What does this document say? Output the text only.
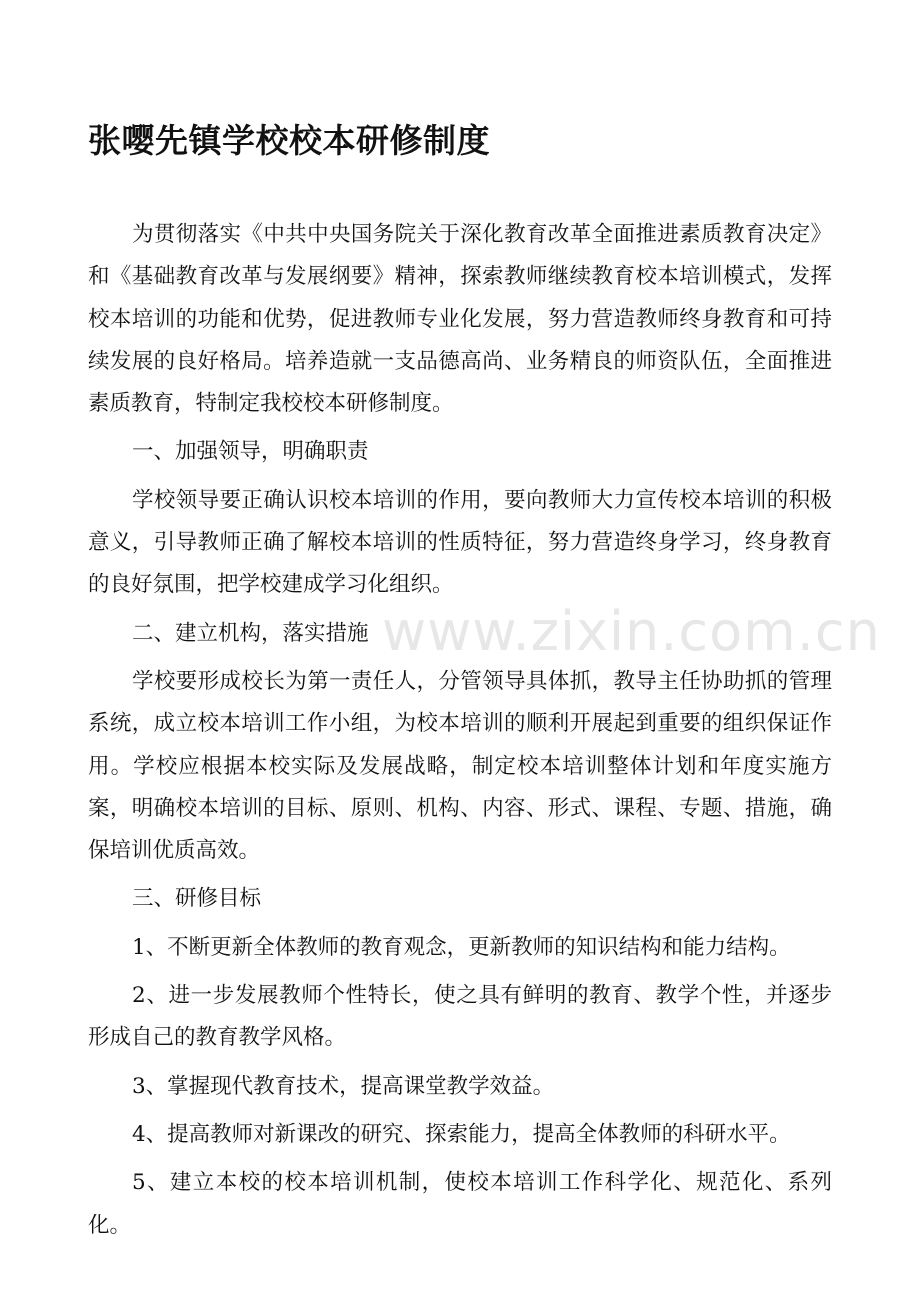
张嘤先镇学校校本研修制度

为贯彻落实《中共中央国务院关于深化教育改革全面推进素质教育决定》和《基础教育改革与发展纲要》精神，探索教师继续教育校本培训模式，发挥校本培训的功能和优势，促进教师专业化发展，努力营造教师终身教育和可持续发展的良好格局。培养造就一支品德高尚、业务精良的师资队伍，全面推进素质教育，特制定我校校本研修制度。

一、加强领导，明确职责

学校领导要正确认识校本培训的作用，要向教师大力宣传校本培训的积极意义，引导教师正确了解校本培训的性质特征，努力营造终身学习，终身教育的良好氛围，把学校建成学习化组织。

二、建立机构，落实措施

学校要形成校长为第一责任人，分管领导具体抓，教导主任协助抓的管理系统，成立校本培训工作小组，为校本培训的顺利开展起到重要的组织保证作用。学校应根据本校实际及发展战略，制定校本培训整体计划和年度实施方案，明确校本培训的目标、原则、机构、内容、形式、课程、专题、措施，确保培训优质高效。

三、研修目标

1、不断更新全体教师的教育观念，更新教师的知识结构和能力结构。

2、进一步发展教师个性特长，使之具有鲜明的教育、教学个性，并逐步形成自己的教育教学风格。

3、掌握现代教育技术，提高课堂教学效益。

4、提高教师对新课改的研究、探索能力，提高全体教师的科研水平。

5、建立本校的校本培训机制，使校本培训工作科学化、规范化、系列化。

www.zixin.com.cn
